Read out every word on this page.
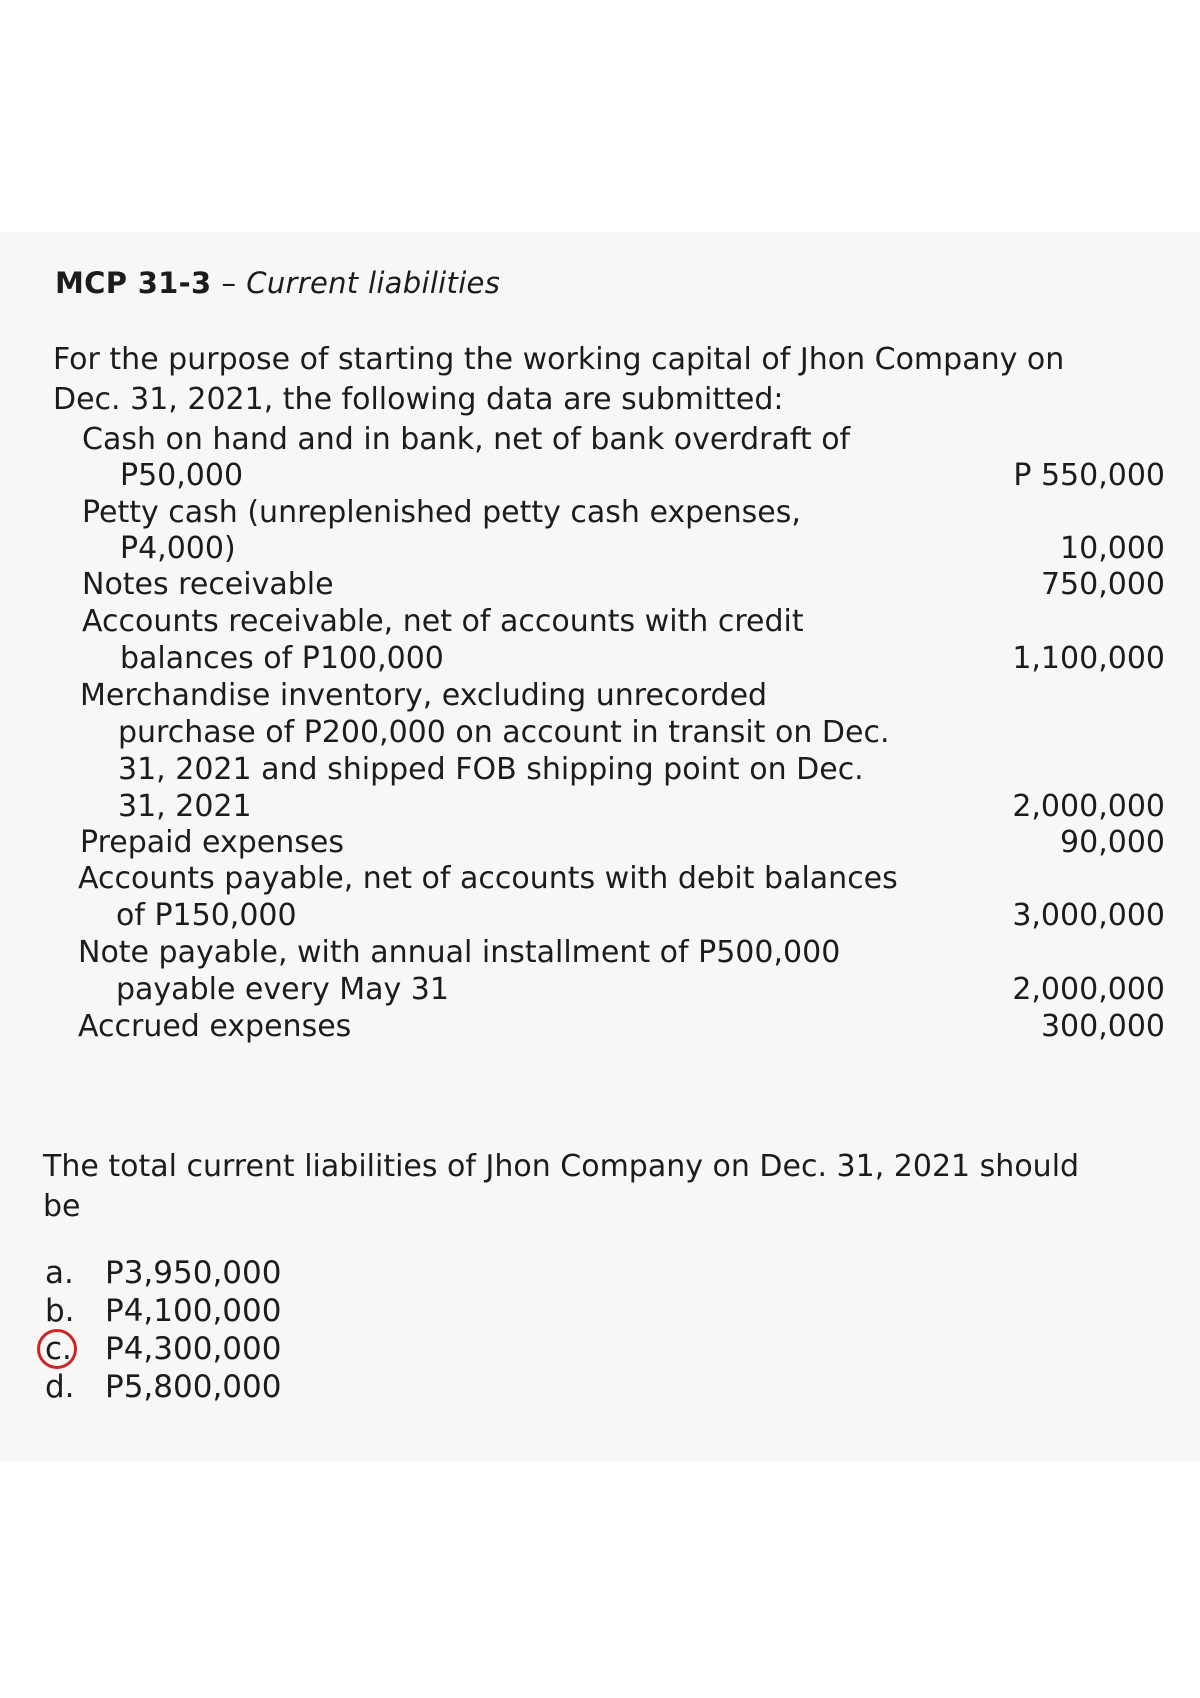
MCP 31-3 – Current liabilities
For the purpose of starting the working capital of Jhon Company on
Dec. 31, 2021, the following data are submitted:
Cash on hand and in bank, net of bank overdraft of
P50,000	P 550,000
Petty cash (unreplenished petty cash expenses,
P4,000)	10,000
Notes receivable	750,000
Accounts receivable, net of accounts with credit
balances of P100,000	1,100,000
Merchandise inventory, excluding unrecorded
purchase of P200,000 on account in transit on Dec.
31, 2021 and shipped FOB shipping point on Dec.
31, 2021	2,000,000
Prepaid expenses	90,000
Accounts payable, net of accounts with debit balances
of P150,000	3,000,000
Note payable, with annual installment of P500,000
payable every May 31	2,000,000
Accrued expenses	300,000
The total current liabilities of Jhon Company on Dec. 31, 2021 should
be
a. P3,950,000
b. P4,100,000
c. P4,300,000
d. P5,800,000
